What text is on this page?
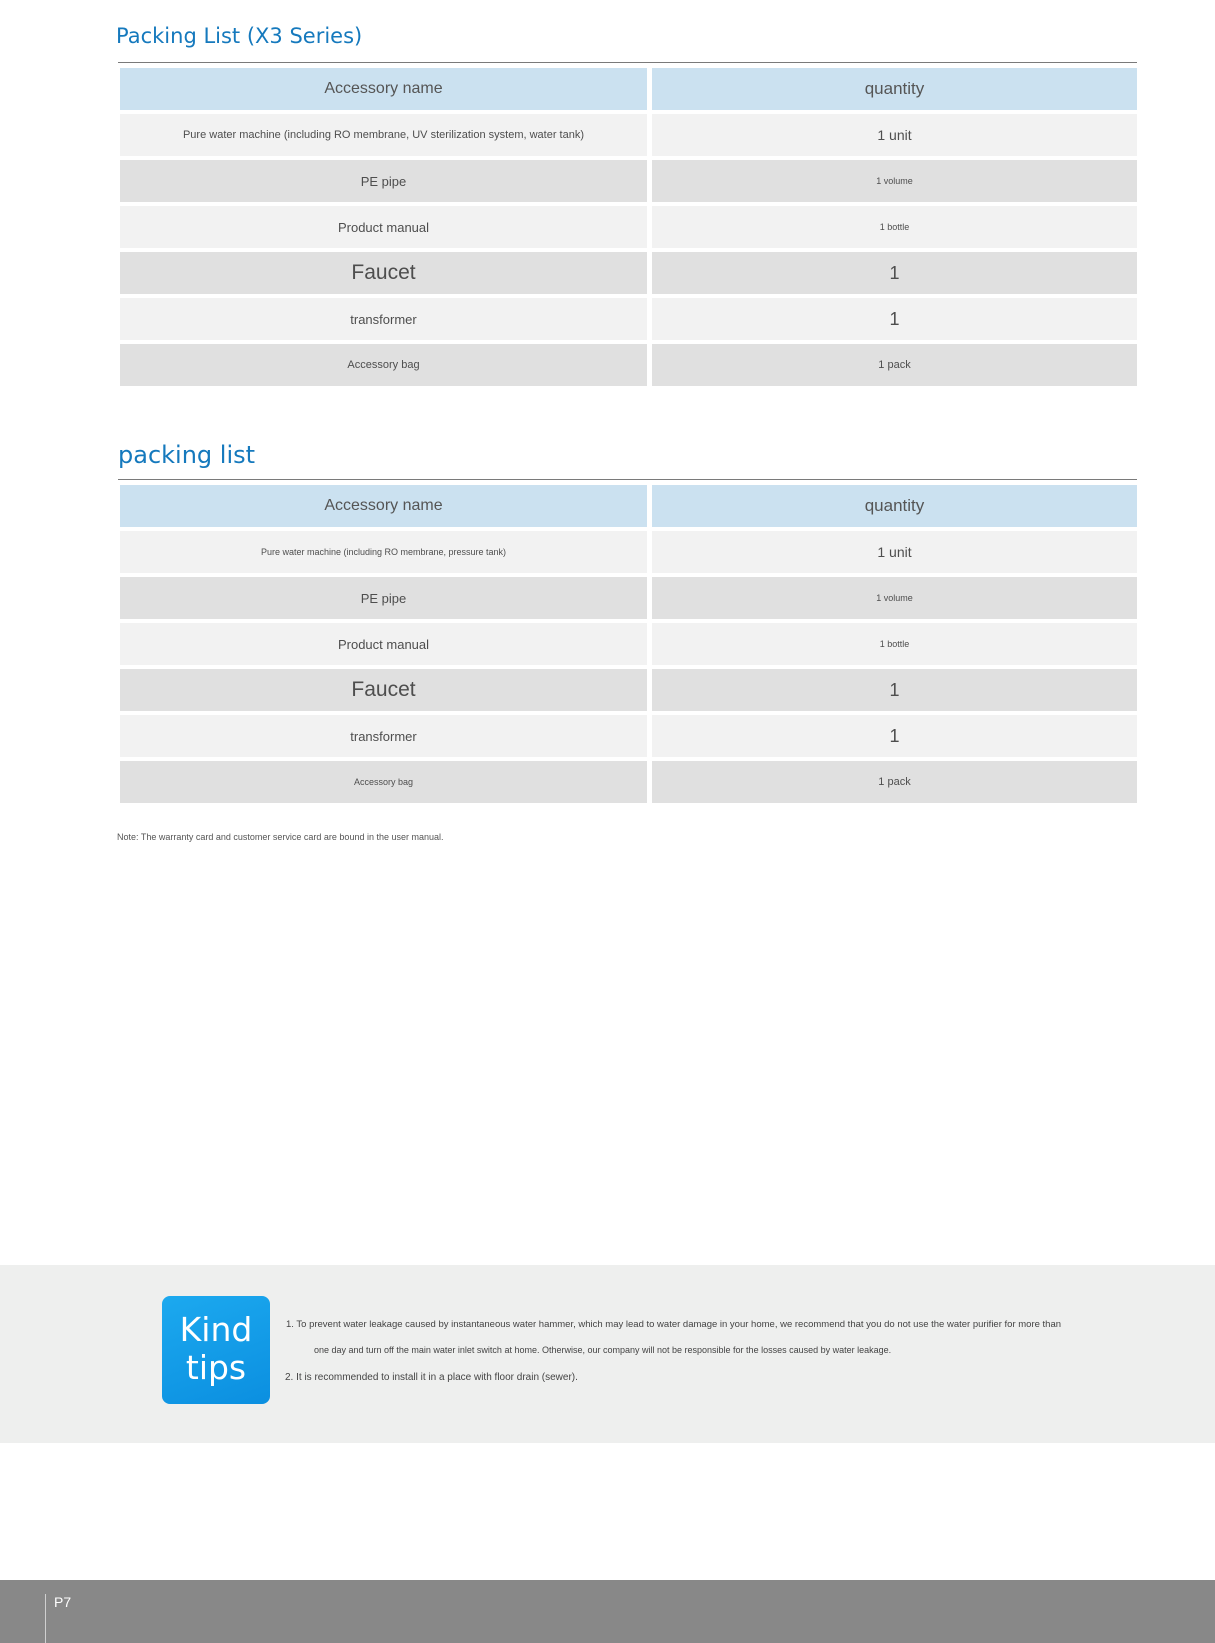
Packing List (X3 Series)
Accessory name	quantity
Pure water machine (including RO membrane, UV sterilization system, water tank)	1 unit
PE pipe	1 volume
Product manual	1 bottle
Faucet	1
transformer	1
Accessory bag	1 pack
packing list
Accessory name	quantity
Pure water machine (including RO membrane, pressure tank)	1 unit
PE pipe	1 volume
Product manual	1 bottle
Faucet	1
transformer	1
Accessory bag	1 pack
Note: The warranty card and customer service card are bound in the user manual.
Kind
tips
1. To prevent water leakage caused by instantaneous water hammer, which may lead to water damage in your home, we recommend that you do not use the water purifier for more than
one day and turn off the main water inlet switch at home. Otherwise, our company will not be responsible for the losses caused by water leakage.
2. It is recommended to install it in a place with floor drain (sewer).
P7
